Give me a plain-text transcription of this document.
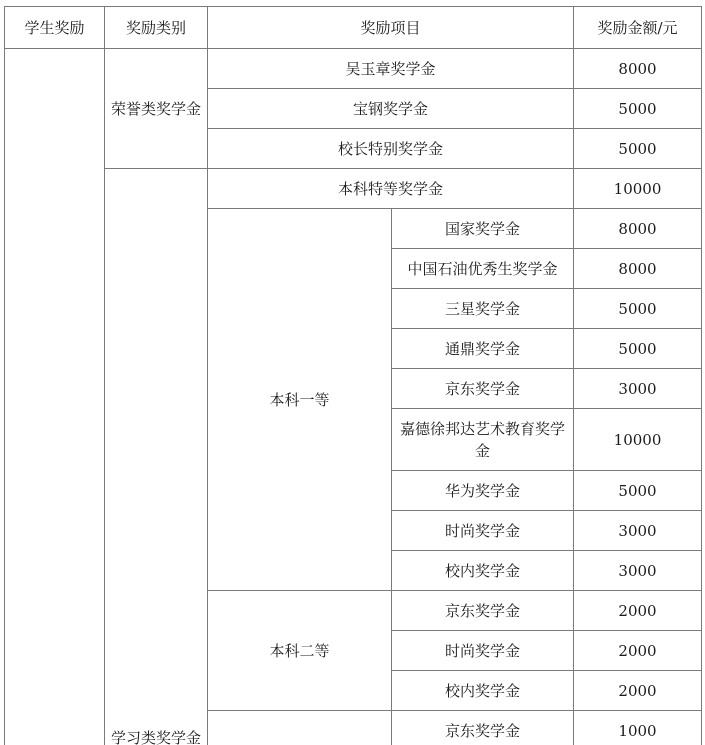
学生奖励	奖励类别	奖励项目		奖励金额/元
	荣誉类奖学金	吴玉章奖学金		8000
		宝钢奖学金		5000
		校长特别奖学金		5000
	学习类奖学金	本科特等奖学金		10000
		本科一等	国家奖学金	8000
			中国石油优秀生奖学金	8000
			三星奖学金	5000
			通鼎奖学金	5000
			京东奖学金	3000
			嘉德徐邦达艺术教育奖学金	10000
			华为奖学金	5000
			时尚奖学金	3000
			校内奖学金	3000
		本科二等	京东奖学金	2000
			时尚奖学金	2000
			校内奖学金	2000
			京东奖学金	1000
